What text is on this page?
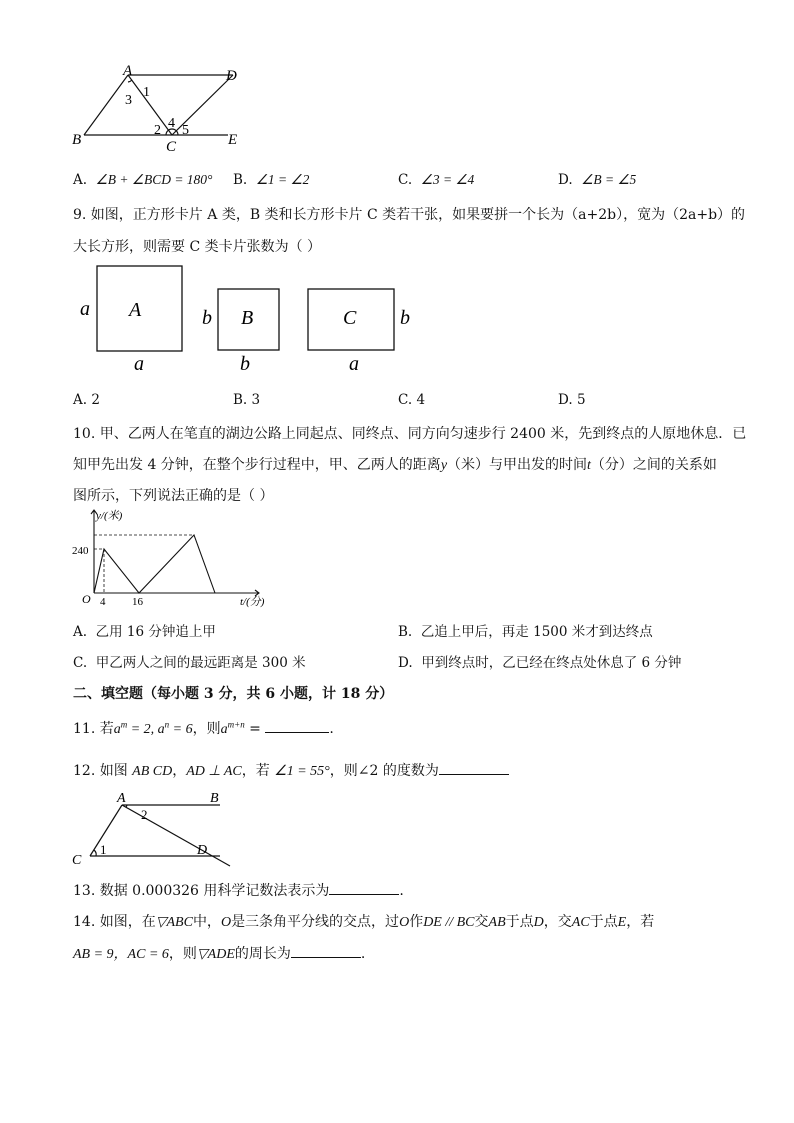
A	D
B	C	E
1
3
2 4 5
A. ∠B + ∠BCD = 180° B. ∠1 = ∠2	C. ∠3 = ∠4	D. ∠B = ∠5
9. 如图，正方形卡片 A 类，B 类和长方形卡片 C 类若干张，如果要拼一个长为（a+2b），宽为（2a+b）的
大长方形，则需要 C 类卡片张数为（ ）
A
a
a
B
b
b
C b
a
A. 2	B. 3	C. 4	D. 5
10. 甲、乙两人在笔直的湖边公路上同起点、同终点、同方向匀速步行 2400 米，先到终点的人原地休息．已
知甲先出发 4 分钟，在整个步行过程中，甲、乙两人的距离y（米）与甲出发的时间t（分）之间的关系如
图所示，下列说法正确的是（ ）
y/(米)
t/(分)
O
240
4 16
A. 乙用 16 分钟追上甲	B. 乙追上甲后，再走 1500 米才到达终点
C. 甲乙两人之间的最远距离是 300 米	D. 甲到终点时，乙已经在终点处休息了 6 分钟
二、填空题（每小题 3 分，共 6 小题，计 18 分）
11. 若$a^m = 2$, $a^n = 6$，则$a^{m+n}$ =	.
12. 如图 AB CD，AD ⊥ AC，若 ∠1 = 55°，则∠2 的度数为
A	B
C
D
1
2
13. 数据 0.000326 用科学记数法表示为	.
14. 如图，在▽ABC中，O是三条角平分线的交点，过O作DE // BC交AB于点D，交AC于点E，若
AB = 9，AC = 6，则▽ADE的周长为	.
